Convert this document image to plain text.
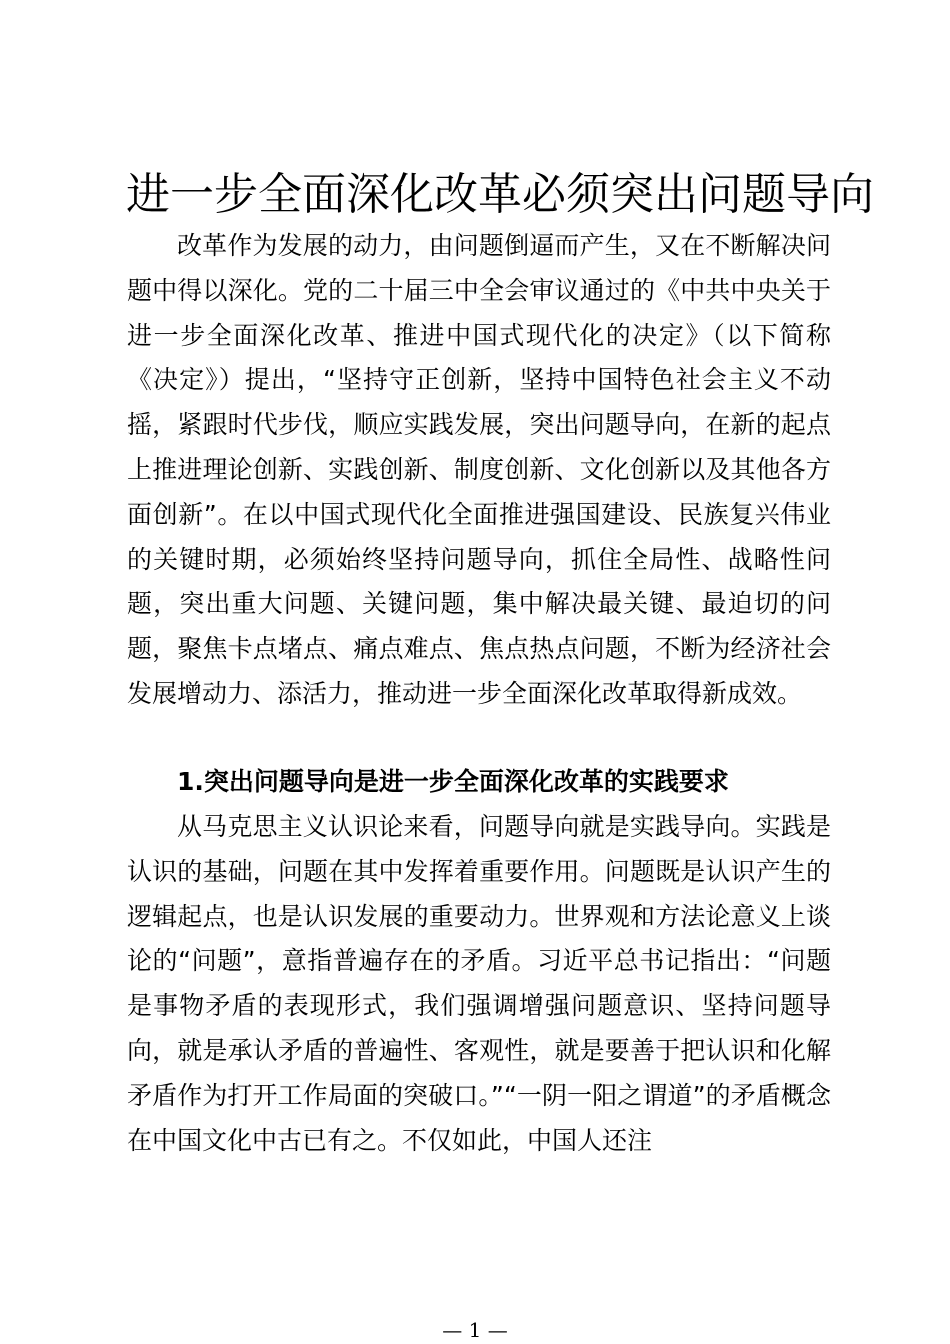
进一步全面深化改革必须突出问题导向

改革作为发展的动力，由问题倒逼而产生，又在不断解决问题中得以深化。党的二十届三中全会审议通过的《中共中央关于进一步全面深化改革、推进中国式现代化的决定》（以下简称《决定》）提出，“坚持守正创新，坚持中国特色社会主义不动摇，紧跟时代步伐，顺应实践发展，突出问题导向，在新的起点上推进理论创新、实践创新、制度创新、文化创新以及其他各方面创新”。在以中国式现代化全面推进强国建设、民族复兴伟业的关键时期，必须始终坚持问题导向，抓住全局性、战略性问题，突出重大问题、关键问题，集中解决最关键、最迫切的问题，聚焦卡点堵点、痛点难点、焦点热点问题，不断为经济社会发展增动力、添活力，推动进一步全面深化改革取得新成效。

1.突出问题导向是进一步全面深化改革的实践要求

从马克思主义认识论来看，问题导向就是实践导向。实践是认识的基础，问题在其中发挥着重要作用。问题既是认识产生的逻辑起点，也是认识发展的重要动力。世界观和方法论意义上谈论的“问题”，意指普遍存在的矛盾。习近平总书记指出：“问题是事物矛盾的表现形式，我们强调增强问题意识、坚持问题导向，就是承认矛盾的普遍性、客观性，就是要善于把认识和化解矛盾作为打开工作局面的突破口。”“一阴一阳之谓道”的矛盾概念在中国文化中古已有之。不仅如此，中国人还注

— 1 —
